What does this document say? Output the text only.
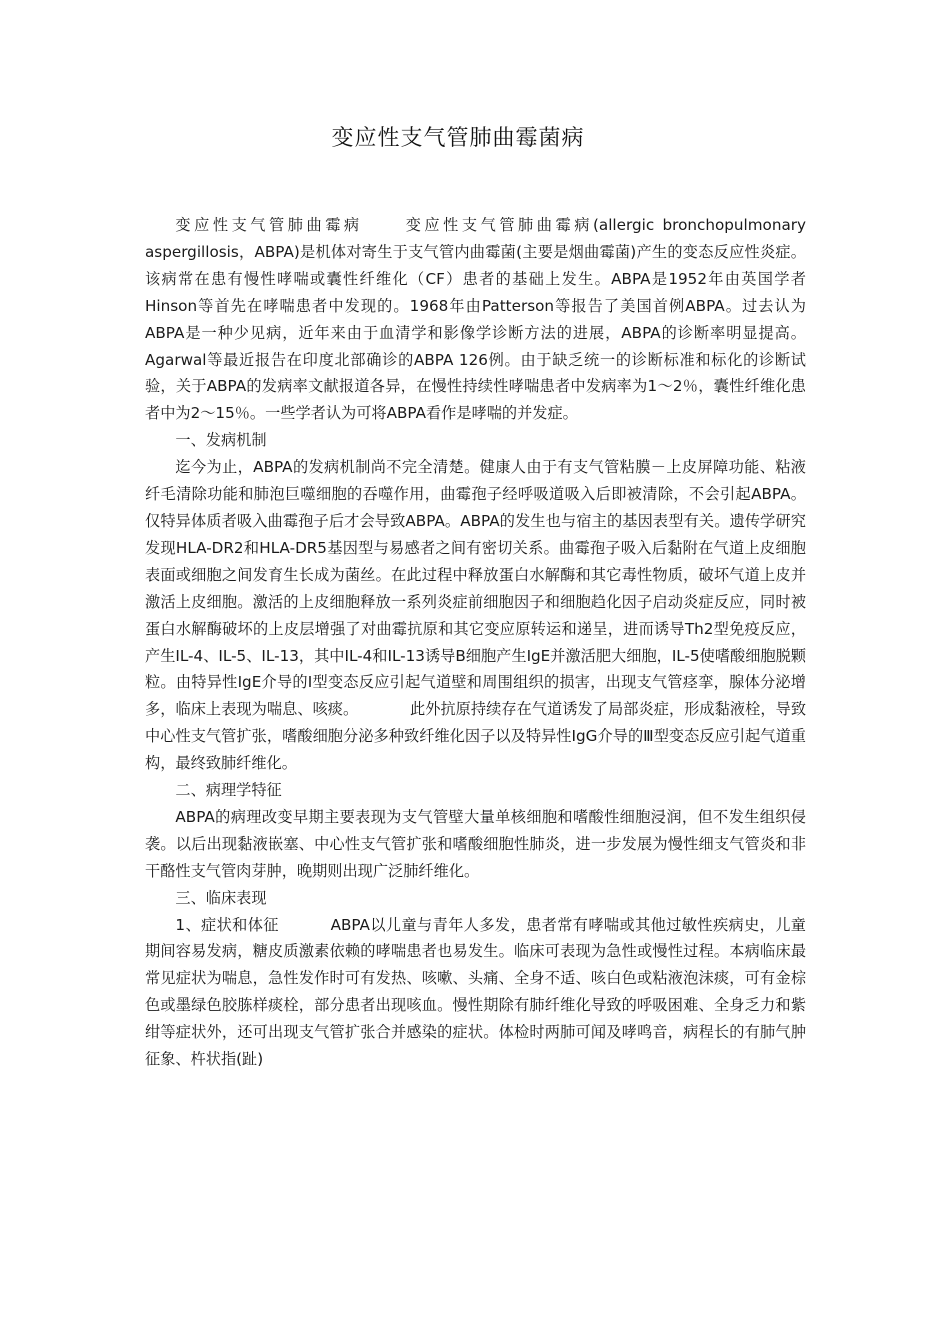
变应性支气管肺曲霉菌病

变应性支气管肺曲霉病	变应性支气管肺曲霉病(allergic bronchopulmonary aspergillosis，ABPA)是机体对寄生于支气管内曲霉菌(主要是烟曲霉菌)产生的变态反应性炎症。该病常在患有慢性哮喘或囊性纤维化（CF）患者的基础上发生。ABPA是1952年由英国学者Hinson等首先在哮喘患者中发现的。1968年由Patterson等报告了美国首例ABPA。过去认为ABPA是一种少见病，近年来由于血清学和影像学诊断方法的进展，ABPA的诊断率明显提高。Agarwal等最近报告在印度北部确诊的ABPA 126例。由于缺乏统一的诊断标准和标化的诊断试验，关于ABPA的发病率文献报道各异，在慢性持续性哮喘患者中发病率为1～2％，囊性纤维化患者中为2～15％。一些学者认为可将ABPA看作是哮喘的并发症。

一、发病机制

迄今为止，ABPA的发病机制尚不完全清楚。健康人由于有支气管粘膜－上皮屏障功能、粘液纤毛清除功能和肺泡巨噬细胞的吞噬作用，曲霉孢子经呼吸道吸入后即被清除，不会引起ABPA。仅特异体质者吸入曲霉孢子后才会导致ABPA。ABPA的发生也与宿主的基因表型有关。遗传学研究发现HLA-DR2和HLA-DR5基因型与易感者之间有密切关系。曲霉孢子吸入后黏附在气道上皮细胞表面或细胞之间发育生长成为菌丝。在此过程中释放蛋白水解酶和其它毒性物质，破坏气道上皮并激活上皮细胞。激活的上皮细胞释放一系列炎症前细胞因子和细胞趋化因子启动炎症反应，同时被蛋白水解酶破坏的上皮层增强了对曲霉抗原和其它变应原转运和递呈，进而诱导Th2型免疫反应，产生IL-4、IL-5、IL-13，其中IL-4和IL-13诱导B细胞产生IgE并激活肥大细胞，IL-5使嗜酸细胞脱颗粒。由特异性IgE介导的Ⅰ型变态反应引起气道壁和周围组织的损害，出现支气管痉挛，腺体分泌增多，临床上表现为喘息、咳痰。	此外抗原持续存在气道诱发了局部炎症，形成黏液栓，导致中心性支气管扩张，嗜酸细胞分泌多种致纤维化因子以及特异性IgG介导的Ⅲ型变态反应引起气道重构，最终致肺纤维化。

二、病理学特征

ABPA的病理改变早期主要表现为支气管壁大量单核细胞和嗜酸性细胞浸润，但不发生组织侵袭。以后出现黏液嵌塞、中心性支气管扩张和嗜酸细胞性肺炎，进一步发展为慢性细支气管炎和非干酪性支气管肉芽肿，晚期则出现广泛肺纤维化。

三、临床表现

1、症状和体征	ABPA以儿童与青年人多发，患者常有哮喘或其他过敏性疾病史，儿童期间容易发病，糖皮质激素依赖的哮喘患者也易发生。临床可表现为急性或慢性过程。本病临床最常见症状为喘息，急性发作时可有发热、咳嗽、头痛、全身不适、咳白色或粘液泡沫痰，可有金棕色或墨绿色胶胨样痰栓，部分患者出现咳血。慢性期除有肺纤维化导致的呼吸困难、全身乏力和紫绀等症状外，还可出现支气管扩张合并感染的症状。体检时两肺可闻及哮鸣音，病程长的有肺气肿征象、杵状指(趾)
